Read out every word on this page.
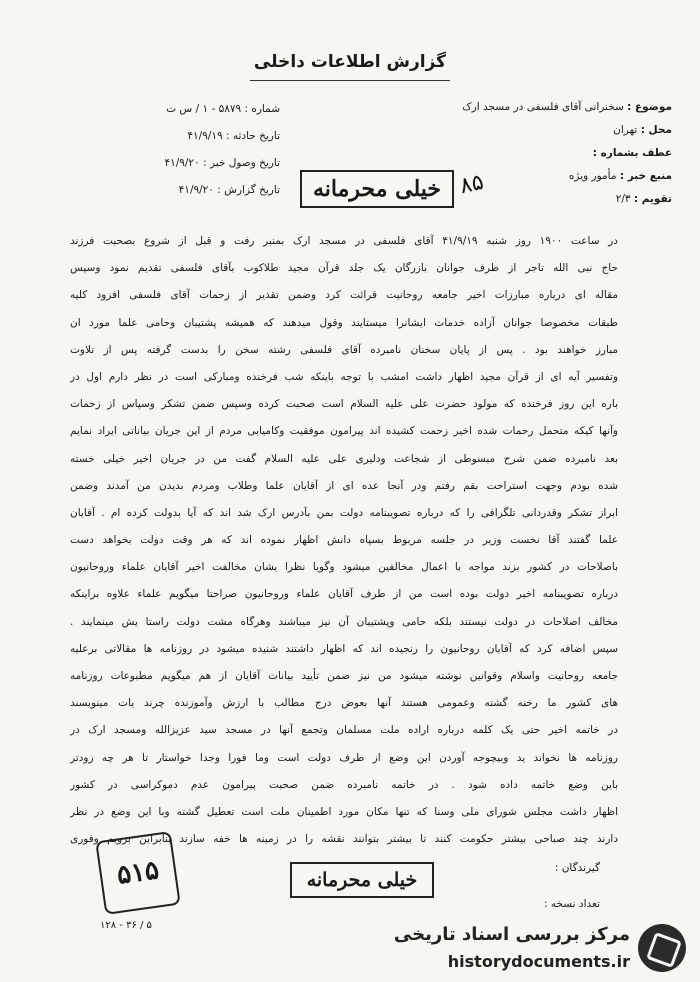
گزارش اطلاعات داخلی
موضوع : سخنرانی آقای فلسفی در مسجد ارک
محل : تهران
عطف بشماره :
منبع خبر : مأمور ویژه
تقویم : ۲/۳
شماره : ۵۸۷۹ - ۱ / س ت
تاریخ حادثه : ۴۱/۹/۱۹
تاریخ وصول خبر : ۴۱/۹/۲۰
تاریخ گزارش : ۴۱/۹/۲۰	خیلی محرمانه ۸۵
در ساعت ۱۹۰۰ روز شنبه ۴۱/۹/۱۹ آقای فلسفی در مسجد ارک بمنبر رفت و قبل از شروع بصحبت فرزند
حاج نبی الله تاجر از طرف جوانان بازرگان یک جلد قرآن مجید طلاکوب بآقای فلسفی تقدیم نمود وسپس
مقاله ای درباره مبارزات اخیر جامعه روحانیت قرائت کرد وضمن تقدیر از زحمات آقای فلسفی افزود کلیه
طبقات مخصوصا جوانان آزاده خدمات ایشانرا میستایند وقول میدهند که همیشه پشتیبان وحامی علما مورد ان
مبارز خواهند بود . پس از پایان سخنان نامبرده آقای فلسفی رشته سخن را بدست گرفته پس از تلاوت
وتفسیر آیه ای از قرآن مجید اظهار داشت امشب با توجه باینکه شب فرخنده ومبارکی است در نظر دارم اول در
باره این روز فرخنده که مولود حضرت علی علیه السلام است صحبت کرده وسپس ضمن تشکر وسپاس از زحمات
وآنها کیکه متحمل رحمات شده اخیر زحمت کشیده اند پیرامون موفقیت وکامیابی مردم از این جریان بیاناتی ایراد نمایم
بعد نامبرده ضمن شرح مبسوطی از شجاعت ودلیری علی علیه السلام گفت من در جریان اخیر خیلی خسته
شده بودم وجهت استراحت بقم رفتم ودر آنجا عده ای از آقایان علما وطلاب ومردم بدیدن من آمدند وضمن
ابراز تشکر وقدردانی تلگرافی را که درباره تصویبنامه دولت بمن بآدرس ارک شد اند که آیا بدولت کرده ام . آقایان
علما گفتند آقا نخست وزیر در جلسه مربوط بسپاه دانش اظهار نموده اند که هر وقت دولت بخواهد دست
باصلاحات در کشور بزند مواجه با اعمال مخالفین میشود وگویا نظرا یشان مخالفت اخیر آقایان علماء وروحانیون
درباره تصویبنامه اخیر دولت بوده است من از طرف آقایان علماء وروحانیون صراحتا میگویم علماء علاوه براینکه
مخالف اصلاحات در دولت نیستند بلکه حامی وپشتیبان آن نیز میباشند وهرگاه مشت دولت راستا یش مینمایند .
سپس اضافه کرد که آقایان روحانیون را رنجیده اند که اظهار داشتند شنیده میشود در روزنامه ها مقالاتی برعلیه
جامعه روحانیت واسلام وقوانین نوشته میشود من نیز ضمن تأیید بیانات آقایان از هم میگویم مطبوعات روزنامه
های کشور ما رخنه گشته وعمومی هستند آنها بعوض درج مطالب با ارزش وآموزنده چرند یات مینویسند
در خاتمه اخیر حتی یک کلمه درباره اراده ملت مسلمان وتجمع آنها در مسجد سید عزیزالله ومسجد ارک در
روزنامه ها نخواند ید وبیچوجه آوردن این وضع از طرف دولت است وما فورا وجدا خواستار تا هر چه زودتر
باین وضع خاتمه داده شود . در خاتمه نامبرده ضمن صحبت پیرامون عدم دموکراسی در کشور
اظهار داشت مجلس شورای ملی وسنا که تنها مکان مورد اطمینان ملت است تعطیل گشته وبا این وضع در نظر
دارند چند صباحی بیشتر حکومت کنند تا بیشتر بتوانند نقشه را در زمینه ها خفه سازند بنابراین برویم وفوری
گیرندگان :
تعداد نسخه :
خیلی محرمانه
۵۱۵
۱۲۸ - ۳۶ / ۵	مرکز بررسی اسناد تاریخی
historydocuments.ir
